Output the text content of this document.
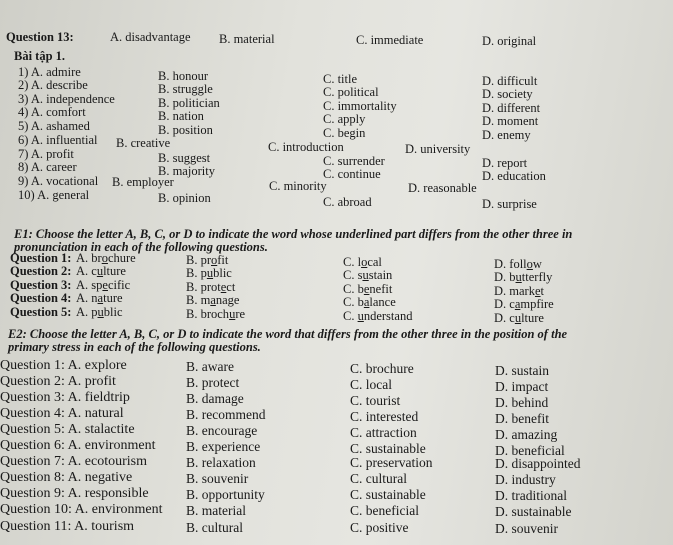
Question 13:	A. disadvantage B. material	C. immediate	D. original
Bài tập 1.
1) A. admire	B. honour	C. title	D. difficult
2) A. describe	B. struggle	C. political	D. society
3) A. independence	B. politician	C. immortality	D. different
4) A. comfort	B. nation	C. apply	D. moment
5) A. ashamed	B. position	C. begin	D. enemy
6) A. influential B. creative	C. introduction	D. university
7) A. profit	B. suggest	C. surrender	D. report
8) A. career	B. majority	C. continue	D. education
9) A. vocational B. employer	C. minority	D. reasonable
10) A. general	B. opinion	C. abroad	D. surprise
E1: Choose the letter A, B, C, or D to indicate the word whose underlined part differs from the other three in
pronunciation in each of the following questions.
Question 1: A. brochure	B. profit	C. local	D. follow
Question 2: A. culture	B. public	C. sustain	D. butterfly
Question 3: A. specific	B. protect	C. benefit	D. market
Question 4: A. nature	B. manage	C. balance	D. campfire
Question 5: A. public	B. brochure	C. understand	D. culture
E2: Choose the letter A, B, C, or D to indicate the word that differs from the other three in the position of the
primary stress in each of the following questions.
Question 1: A. explore	B. aware	C. brochure	D. sustain
Question 2: A. profit	B. protect	C. local	D. impact
Question 3: A. fieldtrip	B. damage	C. tourist	D. behind
Question 4: A. natural	B. recommend	C. interested	D. benefit
Question 5: A. stalactite	B. encourage	C. attraction	D. amazing
Question 6: A. environment B. experience	C. sustainable	D. beneficial
Question 7: A. ecotourism	B. relaxation	C. preservation	D. disappointed
Question 8: A. negative	B. souvenir	C. cultural	D. industry
Question 9: A. responsible	B. opportunity	C. sustainable	D. traditional
Question 10: A. environment B. material	C. beneficial	D. sustainable
Question 11: A. tourism	B. cultural	C. positive	D. souvenir
